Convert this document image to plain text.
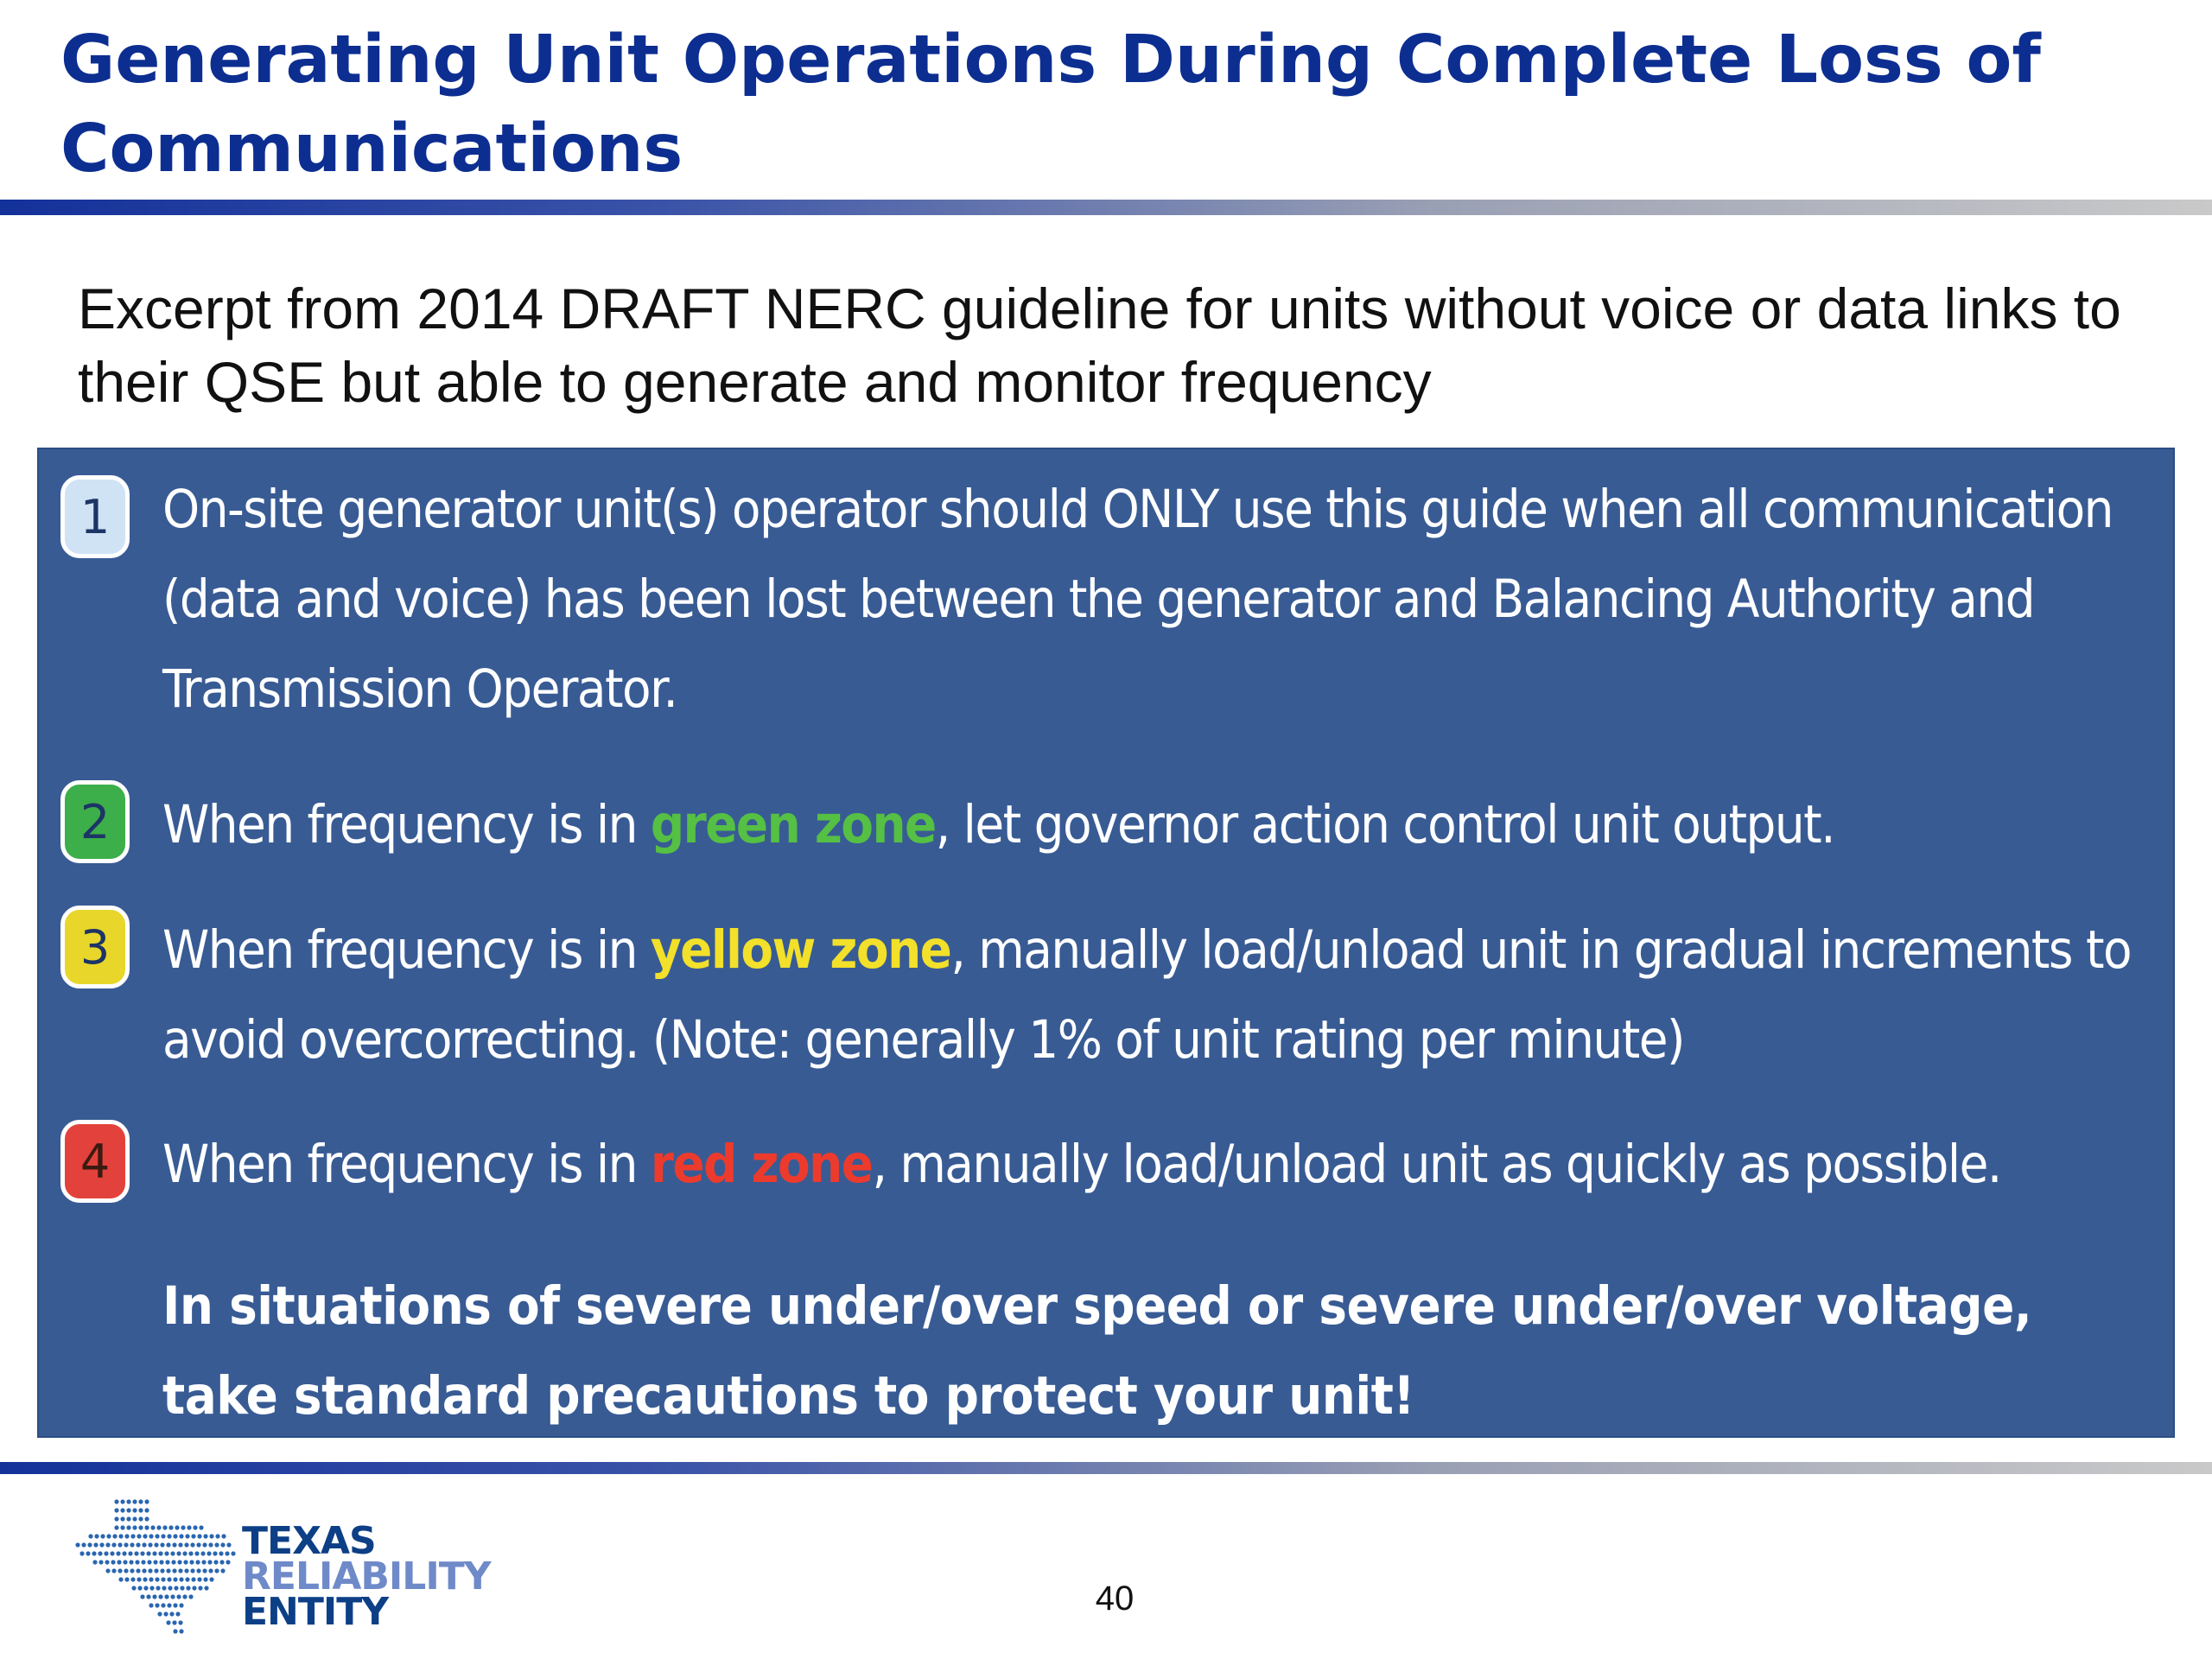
Generating Unit Operations During Complete Loss of Communications
Excerpt from 2014 DRAFT NERC guideline for units without voice or data links to their QSE but able to generate and monitor frequency
1 On-site generator unit(s) operator should ONLY use this guide when all communication (data and voice) has been lost between the generator and Balancing Authority and Transmission Operator.
2 When frequency is in green zone, let governor action control unit output.
3 When frequency is in yellow zone, manually load/unload unit in gradual increments to avoid overcorrecting. (Note: generally 1% of unit rating per minute)
4 When frequency is in red zone, manually load/unload unit as quickly as possible.
In situations of severe under/over speed or severe under/over voltage, take standard precautions to protect your unit!
TEXAS
RELIABILITY
ENTITY	40
